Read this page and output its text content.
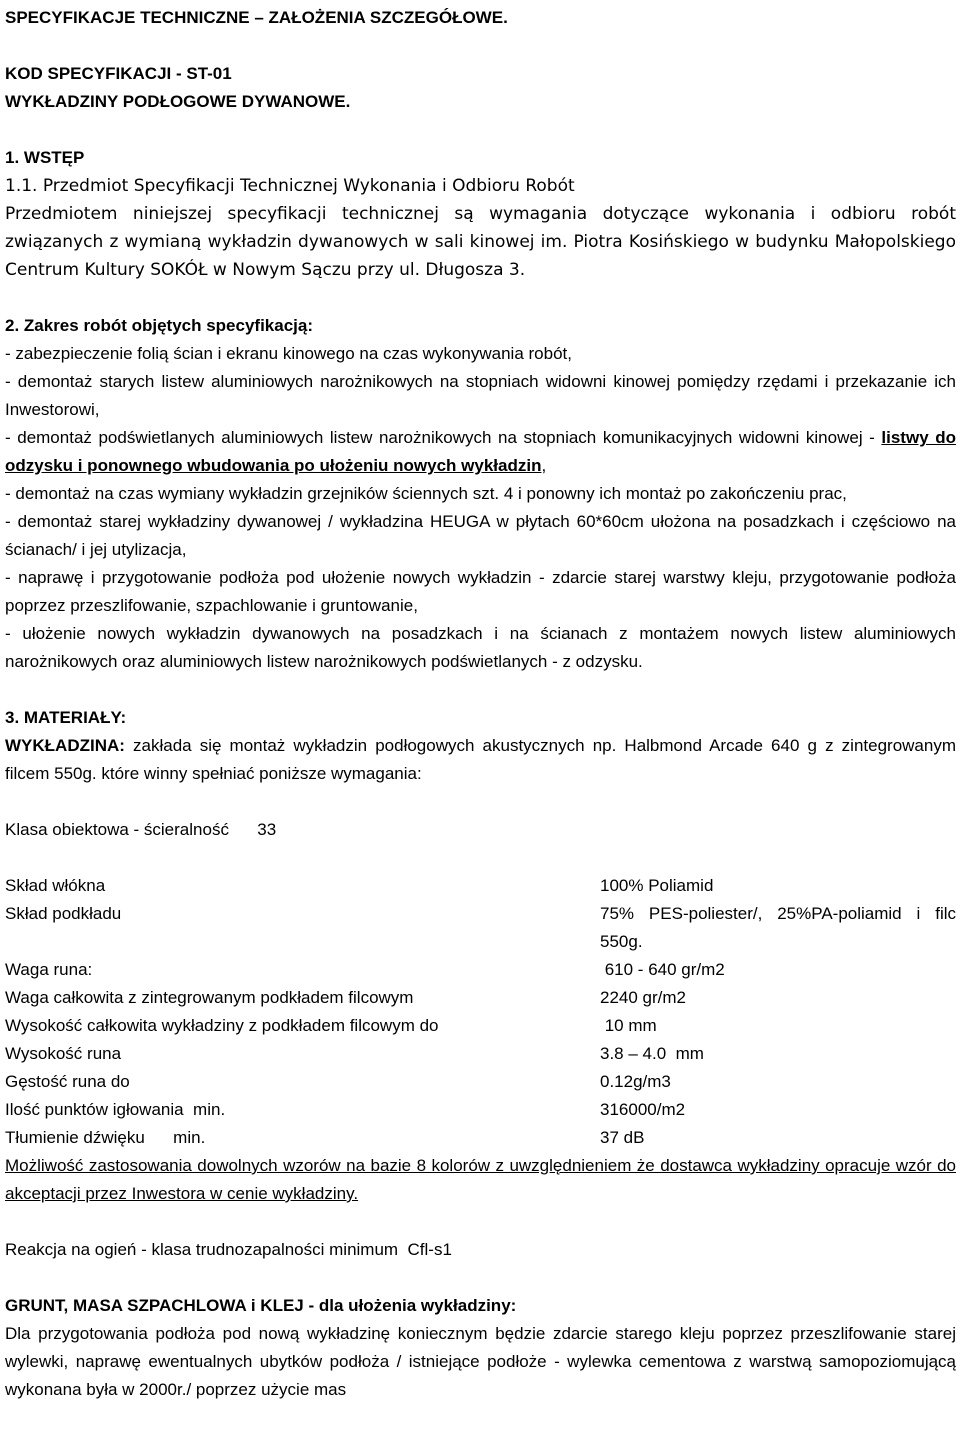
SPECYFIKACJE TECHNICZNE – ZAŁOŻENIA SZCZEGÓŁOWE.

KOD SPECYFIKACJI - ST-01

WYKŁADZINY PODŁOGOWE DYWANOWE.

1. WSTĘP

1.1. Przedmiot Specyfikacji Technicznej Wykonania i Odbioru Robót

Przedmiotem niniejszej specyfikacji technicznej są wymagania dotyczące wykonania i odbioru robót związanych z wymianą wykładzin dywanowych w sali kinowej im. Piotra Kosińskiego w budynku Małopolskiego Centrum Kultury SOKÓŁ w Nowym Sączu przy ul. Długosza 3.

2. Zakres robót objętych specyfikacją:

- zabezpieczenie folią ścian i ekranu kinowego na czas wykonywania robót,

- demontaż starych listew aluminiowych narożnikowych na stopniach widowni kinowej pomiędzy rzędami i przekazanie ich Inwestorowi,

- demontaż podświetlanych aluminiowych listew narożnikowych na stopniach komunikacyjnych widowni kinowej - listwy do odzysku i ponownego wbudowania po ułożeniu nowych wykładzin,

- demontaż na czas wymiany wykładzin grzejników ściennych szt. 4 i ponowny ich montaż po zakończeniu prac,

- demontaż starej wykładziny dywanowej / wykładzina HEUGA w płytach 60*60cm ułożona na posadzkach i częściowo na ścianach/ i jej utylizacja,

- naprawę i przygotowanie podłoża pod ułożenie nowych wykładzin - zdarcie starej warstwy kleju, przygotowanie podłoża poprzez przeszlifowanie, szpachlowanie i gruntowanie,

- ułożenie nowych wykładzin dywanowych na posadzkach i na ścianach z montażem nowych listew aluminiowych narożnikowych oraz aluminiowych listew narożnikowych podświetlanych - z odzysku.

3. MATERIAŁY:

WYKŁADZINA: zakłada się montaż wykładzin podłogowych akustycznych np. Halbmond Arcade 640 g z zintegrowanym filcem 550g. które winny spełniać poniższe wymagania:

Klasa obiektowa - ścieralność 33
Skład włókna	100% Poliamid
Skład podkładu	75% PES-poliester/, 25%PA-poliamid i filc 550g.
Waga runa:	610 - 640 gr/m2
Waga całkowita z zintegrowanym podkładem filcowym	2240 gr/m2
Wysokość całkowita wykładziny z podkładem filcowym do	10 mm
Wysokość runa	3.8 – 4.0  mm
Gęstość runa do	0.12g/m3
Ilość punktów igłowania  min.	316000/m2
Tłumienie dźwięku      min.	37 dB

Możliwość zastosowania dowolnych wzorów na bazie 8 kolorów z uwzględnieniem że dostawca wykładziny opracuje wzór do akceptacji przez Inwestora w cenie wykładziny.

Reakcja na ogień - klasa trudnozapalności minimum  Cfl-s1

GRUNT, MASA SZPACHLOWA i KLEJ - dla ułożenia wykładziny:

Dla przygotowania podłoża pod nową wykładzinę koniecznym będzie zdarcie starego kleju poprzez przeszlifowanie starej wylewki, naprawę ewentualnych ubytków podłoża / istniejące podłoże - wylewka cementowa z warstwą samopoziomującą wykonana była w 2000r./ poprzez użycie mas
